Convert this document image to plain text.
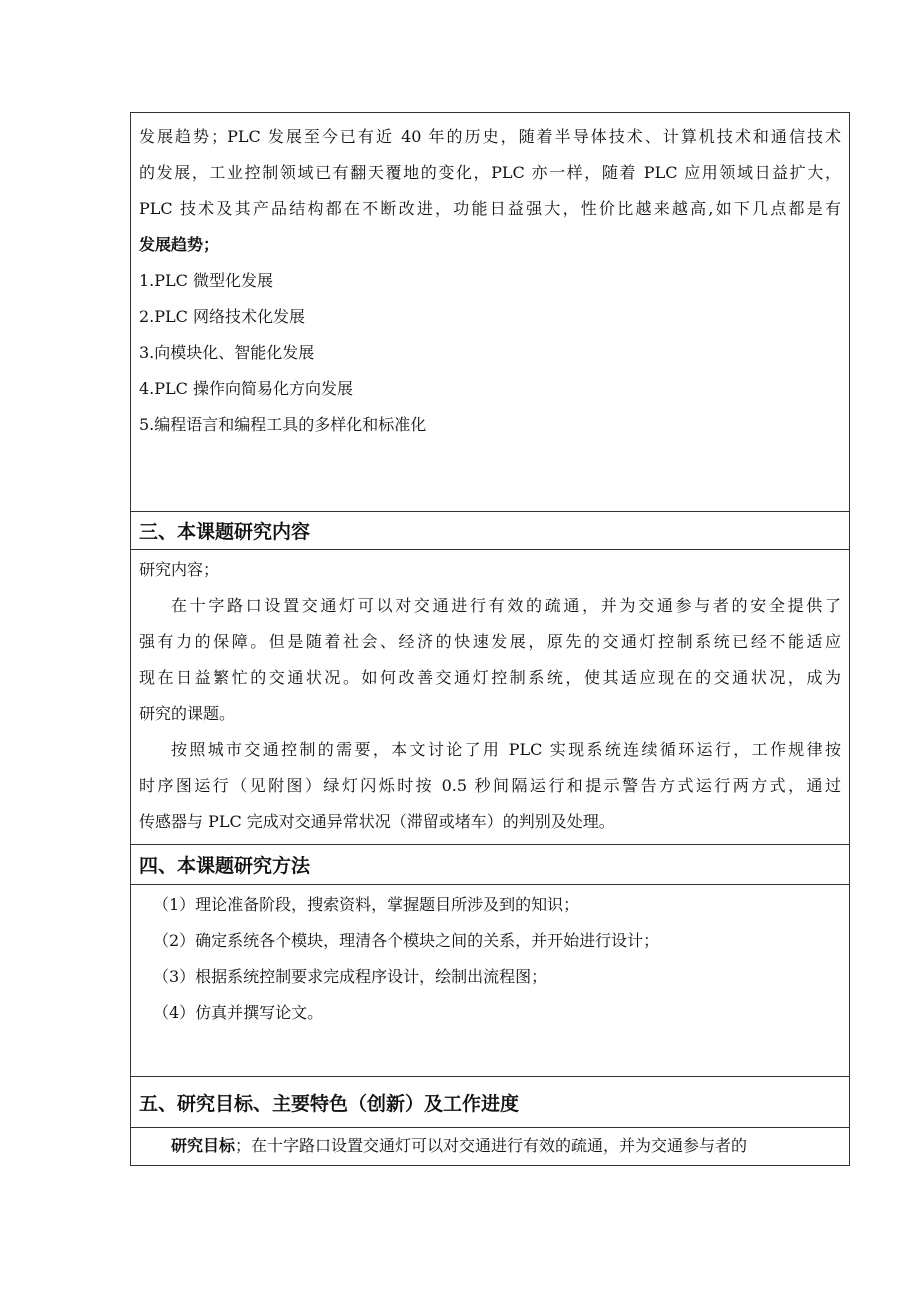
发展趋势；PLC 发展至今已有近 40 年的历史，随着半导体技术、计算机技术和通信技术
的发展，工业控制领域已有翻天覆地的变化，PLC 亦一样，随着 PLC 应用领域日益扩大，
PLC 技术及其产品结构都在不断改进，功能日益强大，性价比越来越高,如下几点都是有
发展趋势；
1.PLC 微型化发展
2.PLC 网络技术化发展
3.向模块化、智能化发展
4.PLC 操作向简易化方向发展
5.编程语言和编程工具的多样化和标准化
三、本课题研究内容
研究内容；
在十字路口设置交通灯可以对交通进行有效的疏通，并为交通参与者的安全提供了
强有力的保障。但是随着社会、经济的快速发展，原先的交通灯控制系统已经不能适应
现在日益繁忙的交通状况。如何改善交通灯控制系统，使其适应现在的交通状况，成为
研究的课题。
按照城市交通控制的需要，本文讨论了用 PLC 实现系统连续循环运行，工作规律按
时序图运行（见附图）绿灯闪烁时按 0.5 秒间隔运行和提示警告方式运行两方式，通过
传感器与 PLC 完成对交通异常状况（滞留或堵车）的判别及处理。
四、本课题研究方法
（1）理论准备阶段，搜索资料，掌握题目所涉及到的知识；
（2）确定系统各个模块，理清各个模块之间的关系，并开始进行设计；
（3）根据系统控制要求完成程序设计，绘制出流程图；
（4）仿真并撰写论文。
五、研究目标、主要特色（创新）及工作进度
研究目标；在十字路口设置交通灯可以对交通进行有效的疏通，并为交通参与者的
